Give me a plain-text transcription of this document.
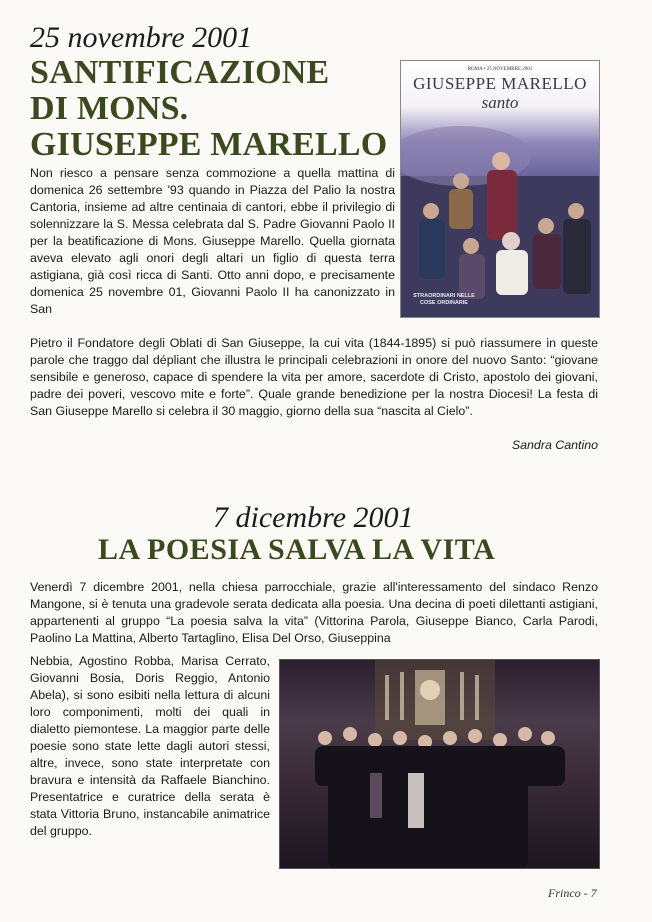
25 novembre 2001
SANTIFICAZIONE
DI MONS.
GIUSEPPE MARELLO
ROMA • 25 NOVEMBRE 2001
GIUSEPPE MARELLO
santo
STRAORDINARI NELLE COSE ORDINARIE
Non riesco a pensare senza commozione a quella mattina di domenica 26 settembre '93 quando in Piazza del Palio la nostra Cantoria, insieme ad altre centinaia di cantori, ebbe il privilegio di solennizzare la S. Messa celebrata dal S. Padre Giovanni Paolo II per la beatificazione di Mons. Giuseppe Marello. Quella giornata aveva elevato agli onori degli altari un figlio di questa terra astigiana, già così ricca di Santi. Otto anni dopo, e precisamente domenica 25 novembre 01, Giovanni Paolo II ha canonizzato in San
Pietro il Fondatore degli Oblati di San Giuseppe, la cui vita (1844-1895) si può riassumere in queste parole che traggo dal dépliant che illustra le principali celebrazioni in onore del nuovo Santo: “giovane sensibile e generoso, capace di spendere la vita per amore, sacerdote di Cristo, apostolo dei giovani, padre dei poveri, vescovo mite e forte”. Quale grande benedizione per la nostra Diocesi! La festa di San Giuseppe Marello si celebra il 30 maggio, giorno della sua “nascita al Cielo”.
Sandra Cantino
7 dicembre 2001
LA POESIA SALVA LA VITA
Venerdì 7 dicembre 2001, nella chiesa parrocchiale, grazie all'interessamento del sindaco Renzo Mangone, si è tenuta una gradevole serata dedicata alla poesia. Una decina di poeti dilettanti astigiani, appartenenti al gruppo “La poesia salva la vita” (Vittorina Parola, Giuseppe Bianco, Carla Parodi, Paolino La Mattina, Alberto Tartaglino, Elisa Del Orso, Giuseppina
Nebbia, Agostino Robba, Marisa Cerrato, Giovanni Bosia, Doris Reggio, Antonio Abela), si sono esibiti nella lettura di alcuni loro componimenti, molti dei quali in dialetto piemontese. La maggior parte delle poesie sono state lette dagli autori stessi, altre, invece, sono state interpretate con bravura e intensità da Raffaele Bianchino. Presentatrice e curatrice della serata è stata Vittoria Bruno, instancabile animatrice del gruppo.
Frinco - 7
